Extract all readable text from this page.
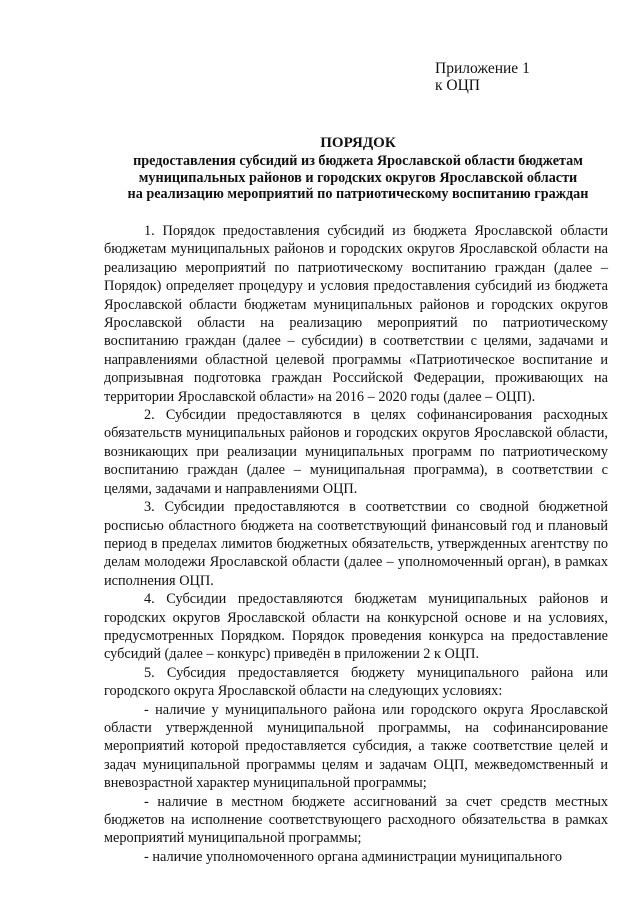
Приложение 1
к ОЦП
ПОРЯДОК
предоставления субсидий из бюджета Ярославской области бюджетам
муниципальных районов и городских округов Ярославской области
на реализацию мероприятий по патриотическому воспитанию граждан

1. Порядок предоставления субсидий из бюджета Ярославской области бюджетам муниципальных районов и городских округов Ярославской области на реализацию мероприятий по патриотическому воспитанию граждан (далее – Порядок) определяет процедуру и условия предоставления субсидий из бюджета Ярославской области бюджетам муниципальных районов и городских округов Ярославской области на реализацию мероприятий по патриотическому воспитанию граждан (далее – субсидии) в соответствии с целями, задачами и направлениями областной целевой программы «Патриотическое воспитание и допризывная подготовка граждан Российской Федерации, проживающих на территории Ярославской области» на 2016 – 2020 годы (далее – ОЦП).

2. Субсидии предоставляются в целях софинансирования расходных обязательств муниципальных районов и городских округов Ярославской области, возникающих при реализации муниципальных программ по патриотическому воспитанию граждан (далее – муниципальная программа), в соответствии с целями, задачами и направлениями ОЦП.

3. Субсидии предоставляются в соответствии со сводной бюджетной росписью областного бюджета на соответствующий финансовый год и плановый период в пределах лимитов бюджетных обязательств, утвержденных агентству по делам молодежи Ярославской области (далее – уполномоченный орган), в рамках исполнения ОЦП.

4. Субсидии предоставляются бюджетам муниципальных районов и городских округов Ярославской области на конкурсной основе и на условиях, предусмотренных Порядком. Порядок проведения конкурса на предоставление субсидий (далее – конкурс) приведён в приложении 2 к ОЦП.

5. Субсидия предоставляется бюджету муниципального района или городского округа Ярославской области на следующих условиях:

- наличие у муниципального района или городского округа Ярославской области утвержденной муниципальной программы, на софинансирование мероприятий которой предоставляется субсидия, а также соответствие целей и задач муниципальной программы целям и задачам ОЦП, межведомственный и вневозрастной характер муниципальной программы;

- наличие в местном бюджете ассигнований за счет средств местных бюджетов на исполнение соответствующего расходного обязательства в рамках мероприятий муниципальной программы;

- наличие уполномоченного органа администрации муниципального
